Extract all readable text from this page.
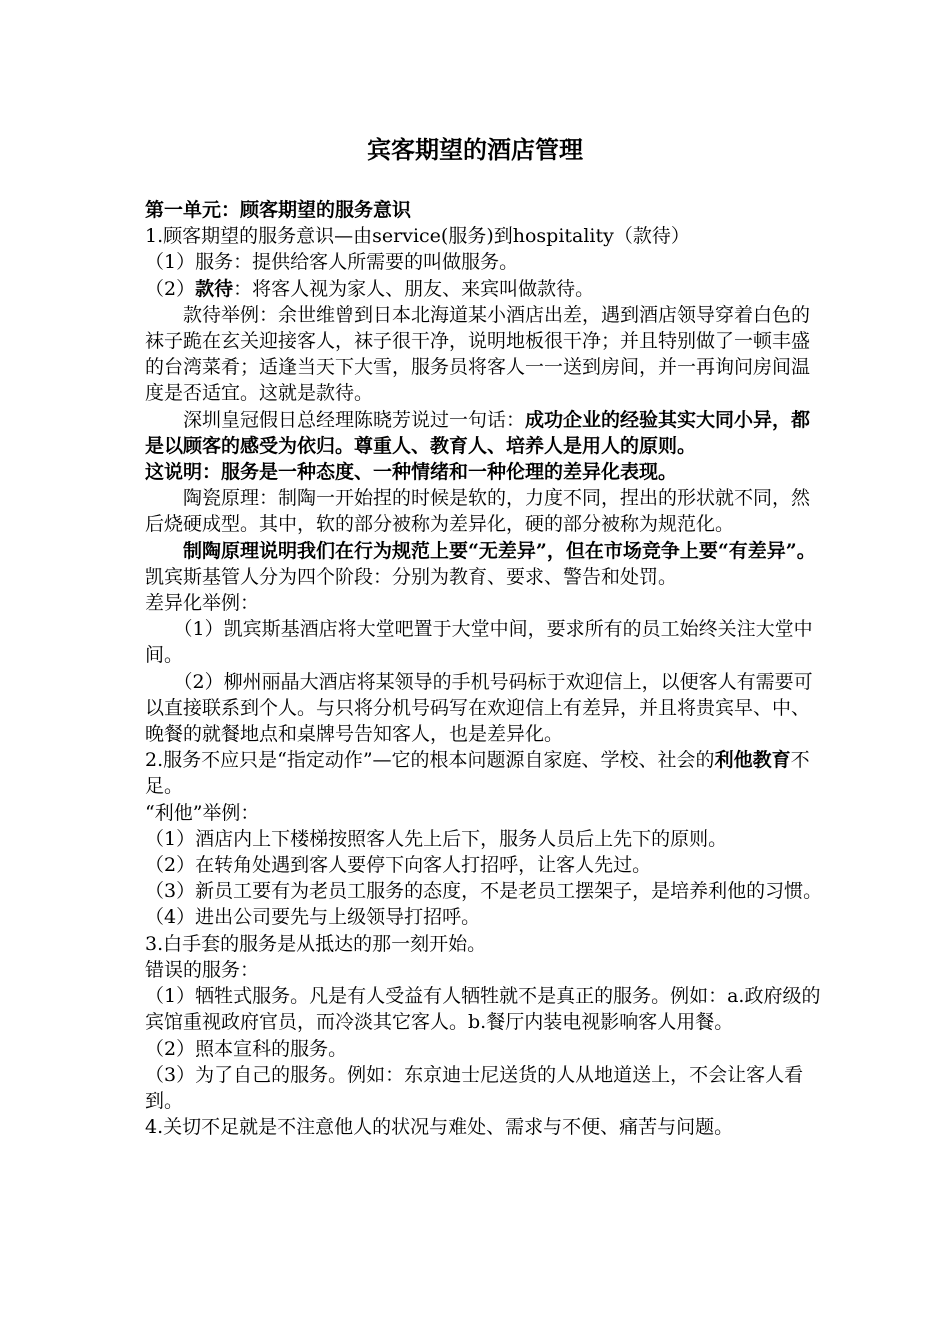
宾客期望的酒店管理

第一单元：顾客期望的服务意识

1.顾客期望的服务意识—由service(服务)到hospitality（款待）

（1）服务：提供给客人所需要的叫做服务。

（2）款待：将客人视为家人、朋友、来宾叫做款待。

款待举例：余世维曾到日本北海道某小酒店出差，遇到酒店领导穿着白色的袜子跪在玄关迎接客人，袜子很干净，说明地板很干净；并且特别做了一顿丰盛的台湾菜肴；适逢当天下大雪，服务员将客人一一送到房间，并一再询问房间温度是否适宜。这就是款待。

深圳皇冠假日总经理陈晓芳说过一句话：成功企业的经验其实大同小异，都是以顾客的感受为依归。尊重人、教育人、培养人是用人的原则。

这说明：服务是一种态度、一种情绪和一种伦理的差异化表现。

陶瓷原理：制陶一开始捏的时候是软的，力度不同，捏出的形状就不同，然后烧硬成型。其中，软的部分被称为差异化，硬的部分被称为规范化。

制陶原理说明我们在行为规范上要“无差异”，但在市场竞争上要“有差异”。

凯宾斯基管人分为四个阶段：分别为教育、要求、警告和处罚。

差异化举例：

（1）凯宾斯基酒店将大堂吧置于大堂中间，要求所有的员工始终关注大堂中间。

（2）柳州丽晶大酒店将某领导的手机号码标于欢迎信上，以便客人有需要可以直接联系到个人。与只将分机号码写在欢迎信上有差异，并且将贵宾早、中、晚餐的就餐地点和桌牌号告知客人，也是差异化。

2.服务不应只是“指定动作”—它的根本问题源自家庭、学校、社会的利他教育不足。

“利他”举例：

（1）酒店内上下楼梯按照客人先上后下，服务人员后上先下的原则。

（2）在转角处遇到客人要停下向客人打招呼，让客人先过。

（3）新员工要有为老员工服务的态度，不是老员工摆架子，是培养利他的习惯。

（4）进出公司要先与上级领导打招呼。

3.白手套的服务是从抵达的那一刻开始。

错误的服务：

（1）牺牲式服务。凡是有人受益有人牺牲就不是真正的服务。例如：a.政府级的宾馆重视政府官员，而冷淡其它客人。b.餐厅内装电视影响客人用餐。

（2）照本宣科的服务。

（3）为了自己的服务。例如：东京迪士尼送货的人从地道送上，不会让客人看到。

4.关切不足就是不注意他人的状况与难处、需求与不便、痛苦与问题。
